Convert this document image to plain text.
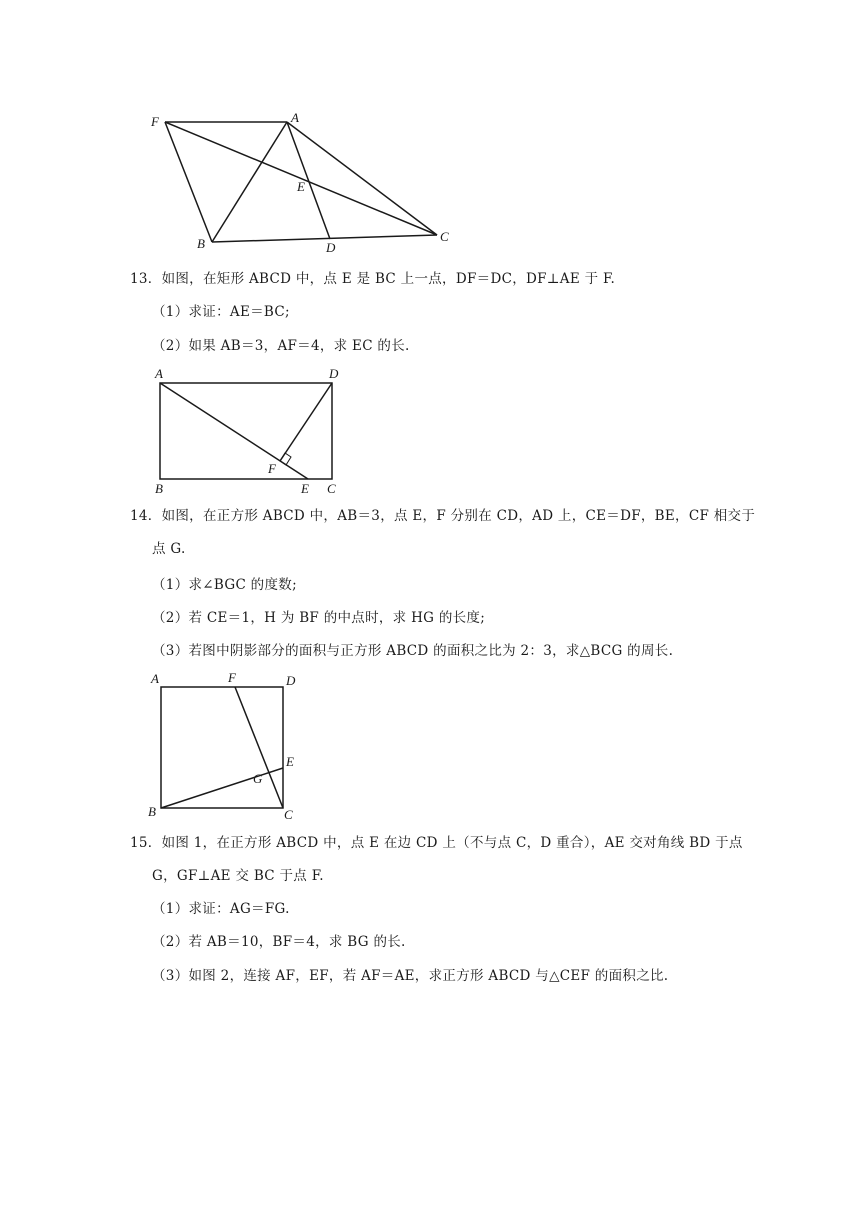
F	A
E
B	D
C
13．如图，在矩形 ABCD 中，点 E 是 BC 上一点，DF＝DC，DF⊥AE 于 F.
（1）求证：AE＝BC;
（2）如果 AB＝3，AF＝4，求 EC 的长.
A	D
F
B	E C
14．如图，在正方形 ABCD 中，AB＝3，点 E，F 分别在 CD，AD 上，CE＝DF，BE，CF 相交于
点 G.
（1）求∠BGC 的度数;
（2）若 CE＝1，H 为 BF 的中点时，求 HG 的长度;
（3）若图中阴影部分的面积与正方形 ABCD 的面积之比为 2：3，求△BCG 的周长.
A	F	D
E
G
B	C
15．如图 1，在正方形 ABCD 中，点 E 在边 CD 上（不与点 C，D 重合），AE 交对角线 BD 于点
G，GF⊥AE 交 BC 于点 F.
（1）求证：AG＝FG.
（2）若 AB＝10，BF＝4，求 BG 的长.
（3）如图 2，连接 AF，EF，若 AF＝AE，求正方形 ABCD 与△CEF 的面积之比.
